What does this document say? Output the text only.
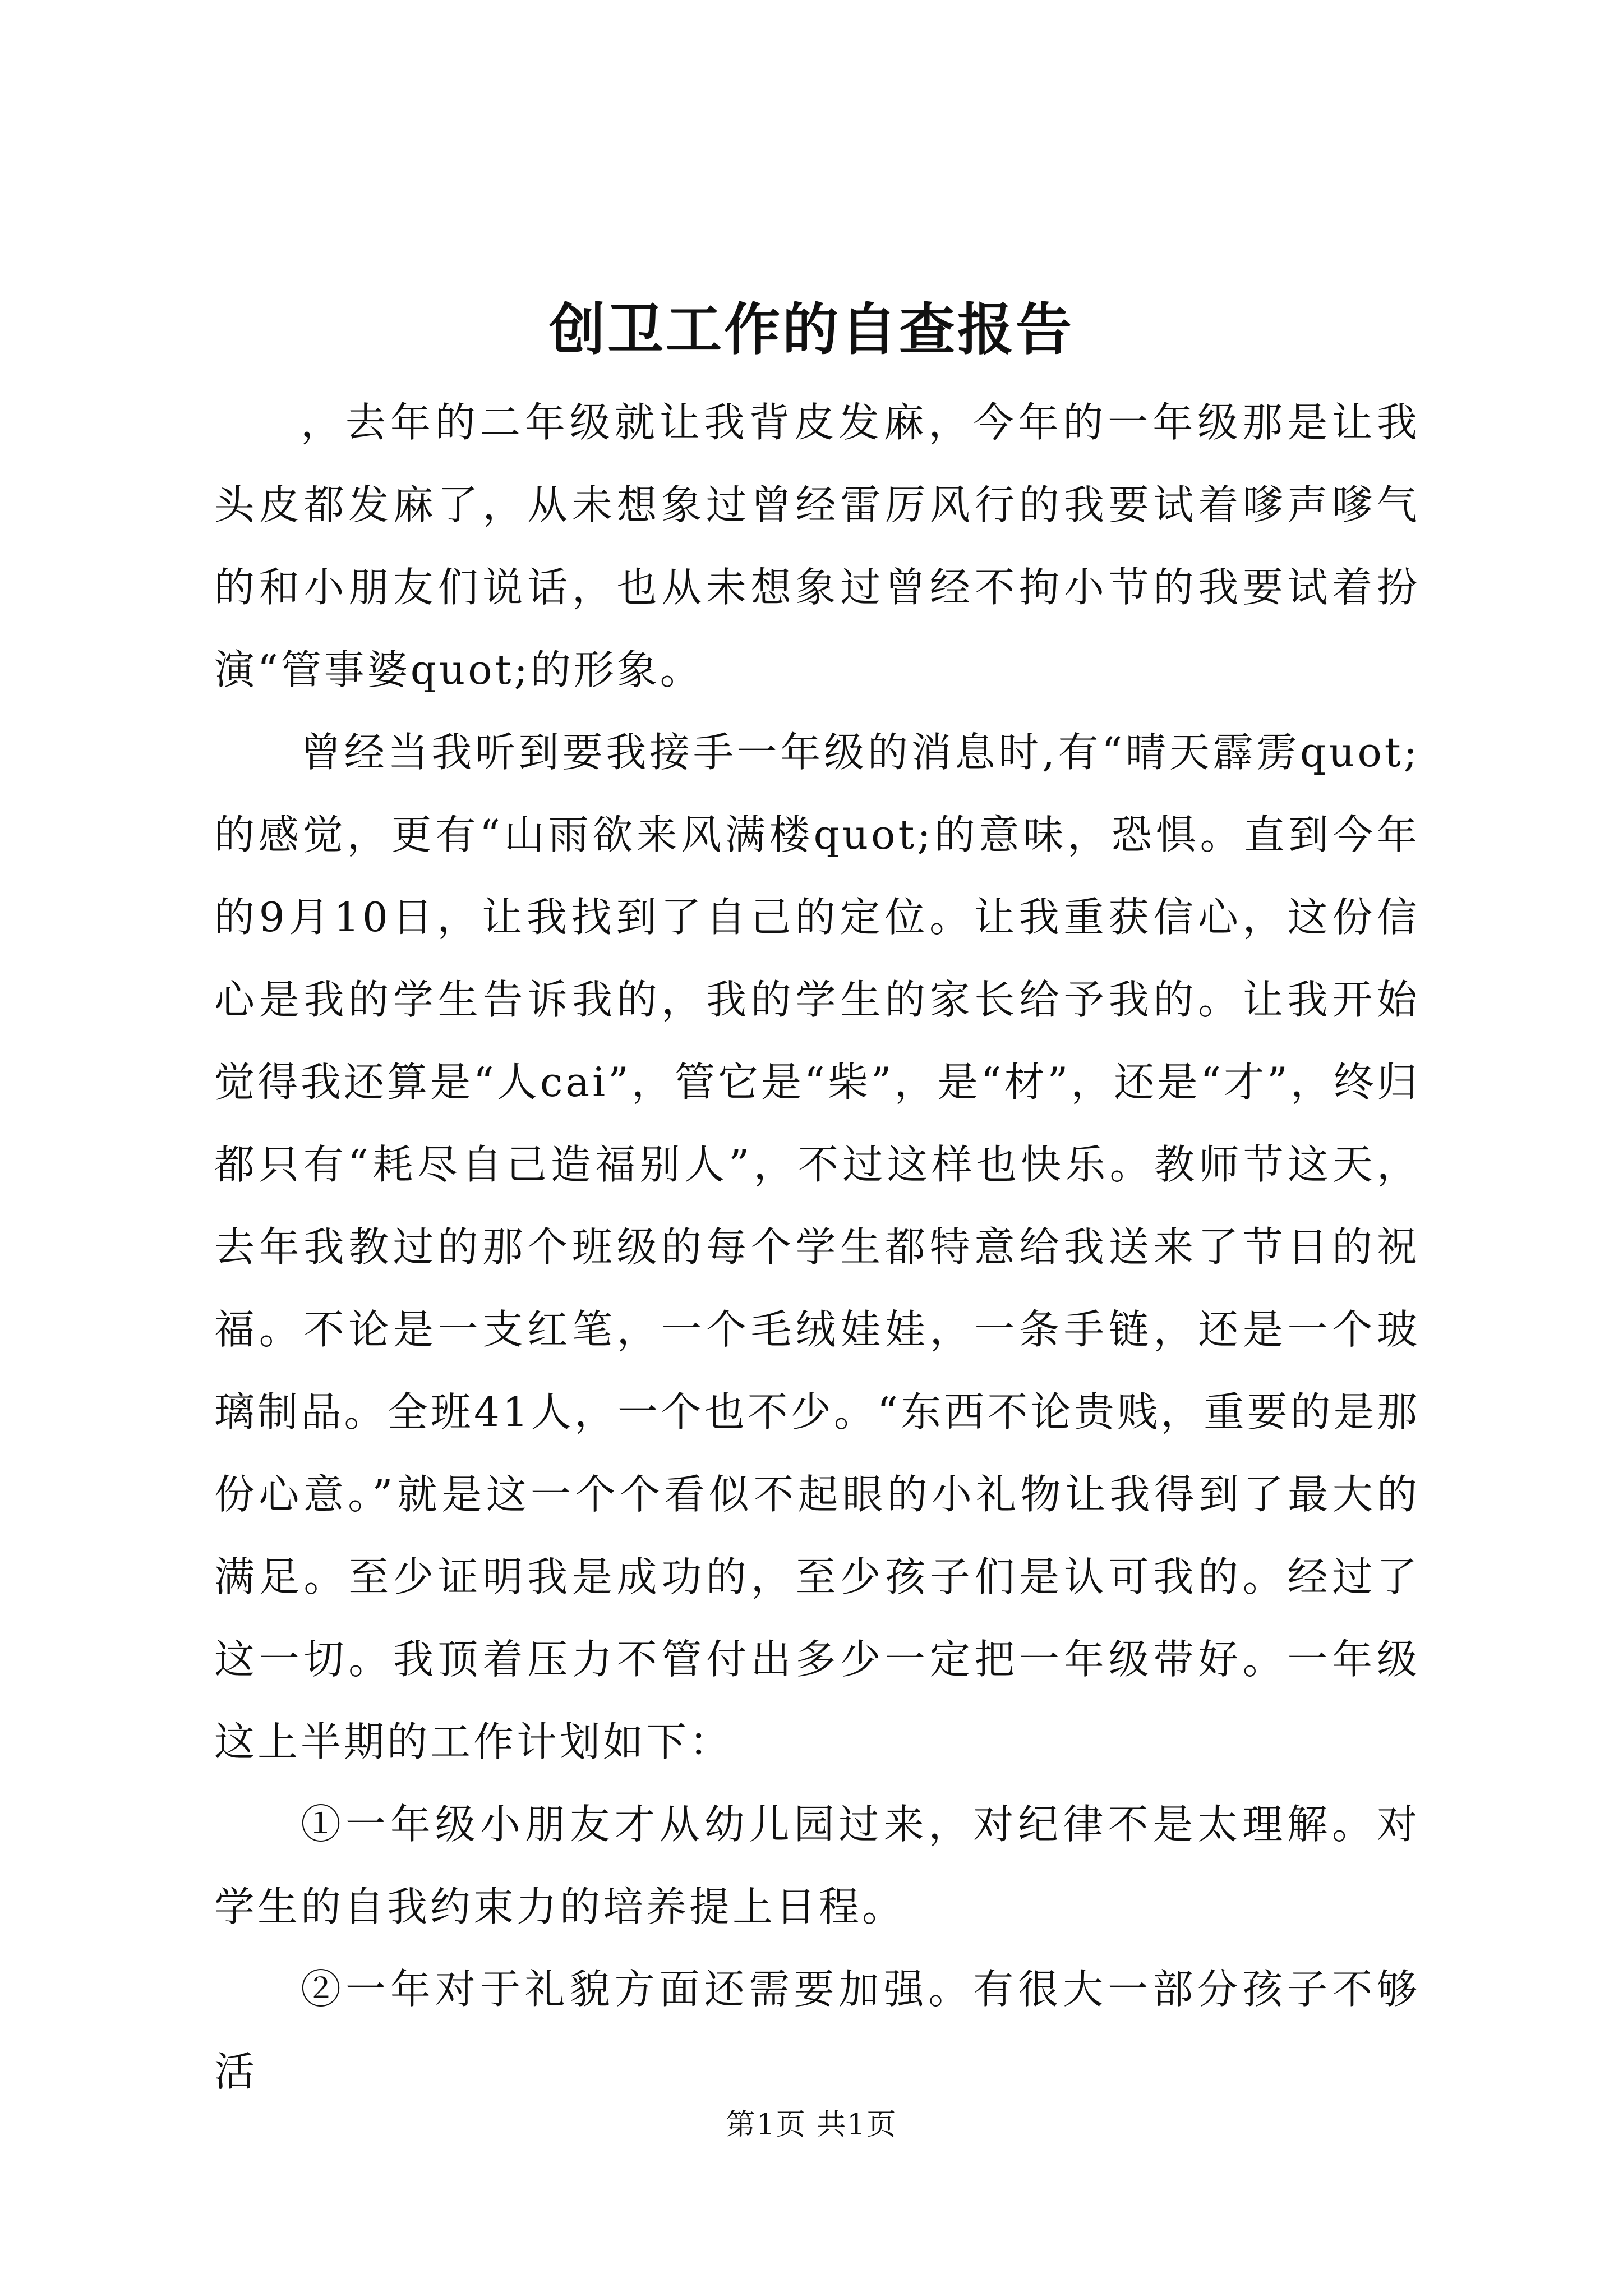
创卫工作的自查报告

，去年的二年级就让我背皮发麻，今年的一年级那是让我头皮都发麻了，从未想象过曾经雷厉风行的我要试着嗲声嗲气的和小朋友们说话，也从未想象过曾经不拘小节的我要试着扮演“管事婆quot;的形象。

曾经当我听到要我接手一年级的消息时,有“晴天霹雳quot;的感觉，更有“山雨欲来风满楼quot;的意味，恐惧。直到今年的9月10日，让我找到了自己的定位。让我重获信心，这份信心是我的学生告诉我的，我的学生的家长给予我的。让我开始觉得我还算是“人cai”，管它是“柴”，是“材”，还是“才”，终归都只有“耗尽自己造福别人”，不过这样也快乐。教师节这天，去年我教过的那个班级的每个学生都特意给我送来了节日的祝福。不论是一支红笔，一个毛绒娃娃，一条手链，还是一个玻璃制品。全班41人，一个也不少。“东西不论贵贱，重要的是那份心意。”就是这一个个看似不起眼的小礼物让我得到了最大的满足。至少证明我是成功的，至少孩子们是认可我的。经过了这一切。我顶着压力不管付出多少一定把一年级带好。一年级这上半期的工作计划如下：

①一年级小朋友才从幼儿园过来，对纪律不是太理解。对学生的自我约束力的培养提上日程。

②一年对于礼貌方面还需要加强。有很大一部分孩子不够活

第1页 共1页
